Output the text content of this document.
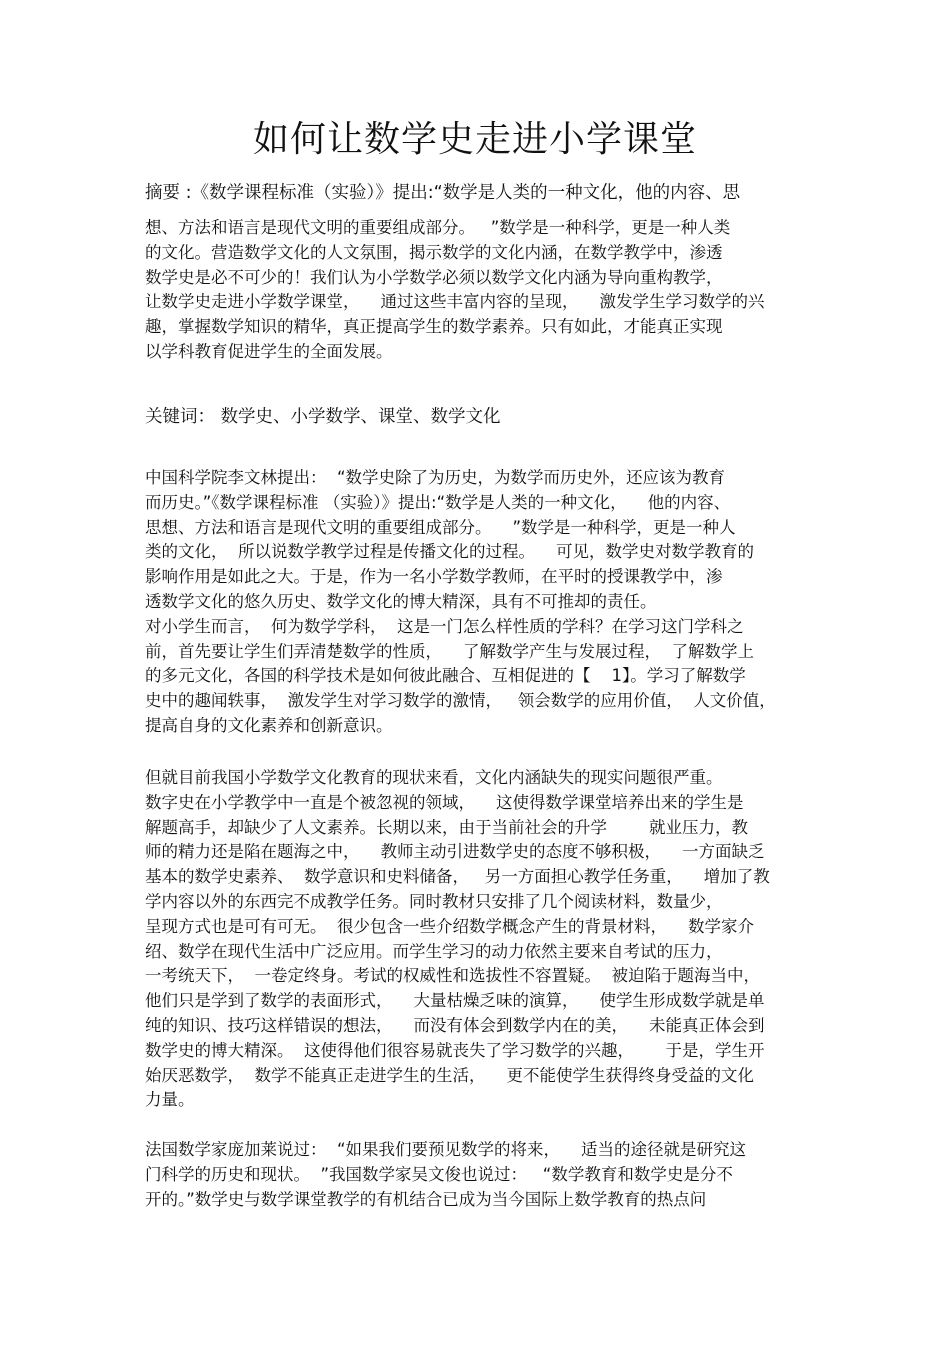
如何让数学史走进小学课堂
摘要 :《数学课程标准（实验）》提出:“数学是人类的一种文化，他的内容、思
想、方法和语言是现代文明的重要组成部分。   ”数学是一种科学，更是一种人类
的文化。营造数学文化的人文氛围，揭示数学的文化内涵，在数学教学中，渗透
数学史是必不可少的！我们认为小学数学必须以数学文化内涵为导向重构教学，
让数学史走进小学数学课堂，    通过这些丰富内容的呈现，    激发学生学习数学的兴
趣，掌握数学知识的精华，真正提高学生的数学素养。只有如此，才能真正实现
以学科教育促进学生的全面发展。
关键词： 数学史、小学数学、课堂、数学文化
中国科学院李文林提出：  “数学史除了为历史，为数学而历史外，还应该为教育
而历史。”《数学课程标准 （实验）》提出:“数学是人类的一种文化，    他的内容、
思想、方法和语言是现代文明的重要组成部分。    ”数学是一种科学，更是一种人
类的文化，  所以说数学教学过程是传播文化的过程。    可见，数学史对数学教育的
影响作用是如此之大。于是，作为一名小学数学教师，在平时的授课教学中，渗
透数学文化的悠久历史、数学文化的博大精深，具有不可推却的责任。
对小学生而言，  何为数学学科，  这是一门怎么样性质的学科？在学习这门学科之
前，首先要让学生们弄清楚数学的性质，    了解数学产生与发展过程，  了解数学上
的多元文化，各国的科学技术是如何彼此融合、互相促进的【    1】。学习了解数学
史中的趣闻轶事，  激发学生对学习数学的激情，   领会数学的应用价值，  人文价值，
提高自身的文化素养和创新意识。
但就目前我国小学数学文化教育的现状来看，文化内涵缺失的现实问题很严重。
数字史在小学教学中一直是个被忽视的领域，    这使得数学课堂培养出来的学生是
解题高手，却缺少了人文素养。长期以来，由于当前社会的升学        就业压力，教
师的精力还是陷在题海之中，    教师主动引进数学史的态度不够积极，    一方面缺乏
基本的数学史素养、  数学意识和史料储备，   另一方面担心教学任务重，    增加了教
学内容以外的东西完不成教学任务。同时教材只安排了几个阅读材料，数量少，
呈现方式也是可有可无。  很少包含一些介绍数学概念产生的背景材料，    数学家介
绍、数学在现代生活中广泛应用。而学生学习的动力依然主要来自考试的压力，
一考统天下，  一卷定终身。考试的权威性和选拔性不容置疑。  被迫陷于题海当中，
他们只是学到了数学的表面形式，    大量枯燥乏味的演算，    使学生形成数学就是单
纯的知识、技巧这样错误的想法，    而没有体会到数学内在的美，    未能真正体会到
数学史的博大精深。  这使得他们很容易就丧失了学习数学的兴趣，      于是，学生开
始厌恶数学，  数学不能真正走进学生的生活，    更不能使学生获得终身受益的文化
力量。
法国数学家庞加莱说过：  “如果我们要预见数学的将来，    适当的途径就是研究这
门科学的历史和现状。  ”我国数学家吴文俊也说过：   “数学教育和数学史是分不
开的。”数学史与数学课堂教学的有机结合已成为当今国际上数学教育的热点问
